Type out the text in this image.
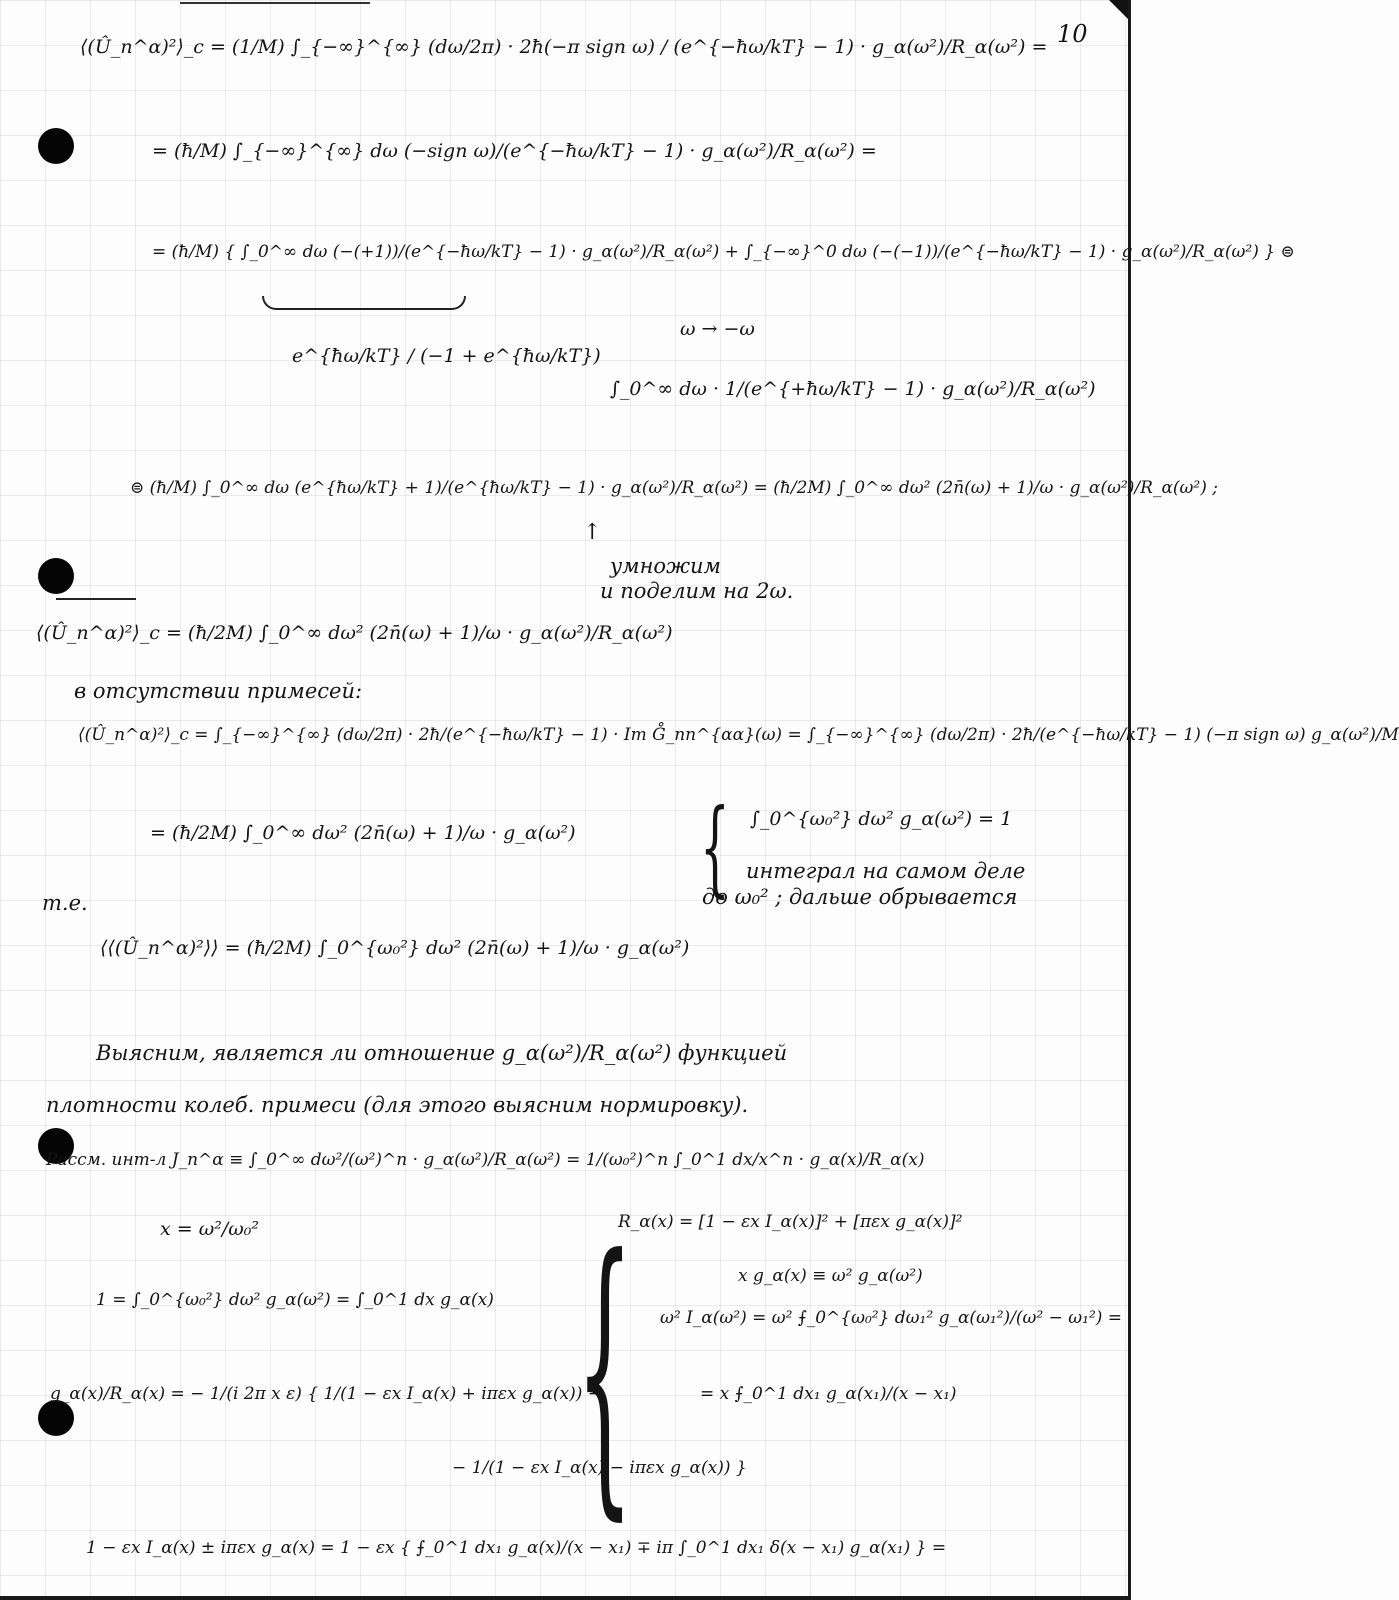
10
⟨(Û_n^α)²⟩_c = (1/M) ∫_{−∞}^{∞} (dω/2π) · 2ħ(−π sign ω) / (e^{−ħω/kT} − 1) · g_α(ω²)/R_α(ω²) =
= (ħ/M) ∫_{−∞}^{∞} dω (−sign ω)/(e^{−ħω/kT} − 1) · g_α(ω²)/R_α(ω²) =
= (ħ/M) { ∫_0^∞ dω (−(+1))/(e^{−ħω/kT} − 1) · g_α(ω²)/R_α(ω²) + ∫_{−∞}^0 dω (−(−1))/(e^{−ħω/kT} − 1) · g_α(ω²)/R_α(ω²) } ⊜
e^{ħω/kT} / (−1 + e^{ħω/kT})
ω → −ω
∫_0^∞ dω · 1/(e^{+ħω/kT} − 1) · g_α(ω²)/R_α(ω²)
⊜ (ħ/M) ∫_0^∞ dω (e^{ħω/kT} + 1)/(e^{ħω/kT} − 1) · g_α(ω²)/R_α(ω²) = (ħ/2M) ∫_0^∞ dω² (2n̄(ω) + 1)/ω · g_α(ω²)/R_α(ω²) ;
↑
умножим
и поделим на 2ω.
⟨(Û_n^α)²⟩_c = (ħ/2M) ∫_0^∞ dω² (2n̄(ω) + 1)/ω · g_α(ω²)/R_α(ω²)
в отсутствии примесей:
⟨(Û_n^α)²⟩_c = ∫_{−∞}^{∞} (dω/2π) · 2ħ/(e^{−ħω/kT} − 1) · Im G̊_nn^{αα}(ω) = ∫_{−∞}^{∞} (dω/2π) · 2ħ/(e^{−ħω/kT} − 1) (−π sign ω) g_α(ω²)/M
= (ħ/2M) ∫_0^∞ dω² (2n̄(ω) + 1)/ω · g_α(ω²) { ∫_0^{ω₀²} dω² g_α(ω²) = 1
интеграл на самом деле
т.е.	до ω₀² ; дальше обрывается
⟨⟨(Û_n^α)²⟩⟩ = (ħ/2M) ∫_0^{ω₀²} dω² (2n̄(ω) + 1)/ω · g_α(ω²)
Выясним, является ли отношение g_α(ω²)/R_α(ω²) функцией
плотности колеб. примеси (для этого выясним нормировку).
Рассм. инт-л J_n^α ≡ ∫_0^∞ dω²/(ω²)^n · g_α(ω²)/R_α(ω²) = 1/(ω₀²)^n ∫_0^1 dx/x^n · g_α(x)/R_α(x)
x = ω²/ω₀² {
R_α(x) = [1 − εx I_α(x)]² + [πεx g_α(x)]²
x g_α(x) ≡ ω² g_α(ω²)
ω² I_α(ω²) = ω² ⨍_0^{ω₀²} dω₁² g_α(ω₁²)/(ω² − ω₁²) =
= x ⨍_0^1 dx₁ g_α(x₁)/(x − x₁)
1 = ∫_0^{ω₀²} dω² g_α(ω²) = ∫_0^1 dx g_α(x)
g_α(x)/R_α(x) = − 1/(i 2π x ε) { 1/(1 − εx I_α(x) + iπεx g_α(x)) −
− 1/(1 − εx I_α(x) − iπεx g_α(x)) }
1 − εx I_α(x) ± iπεx g_α(x) = 1 − εx { ⨍_0^1 dx₁ g_α(x)/(x − x₁) ∓ iπ ∫_0^1 dx₁ δ(x − x₁) g_α(x₁) } =
